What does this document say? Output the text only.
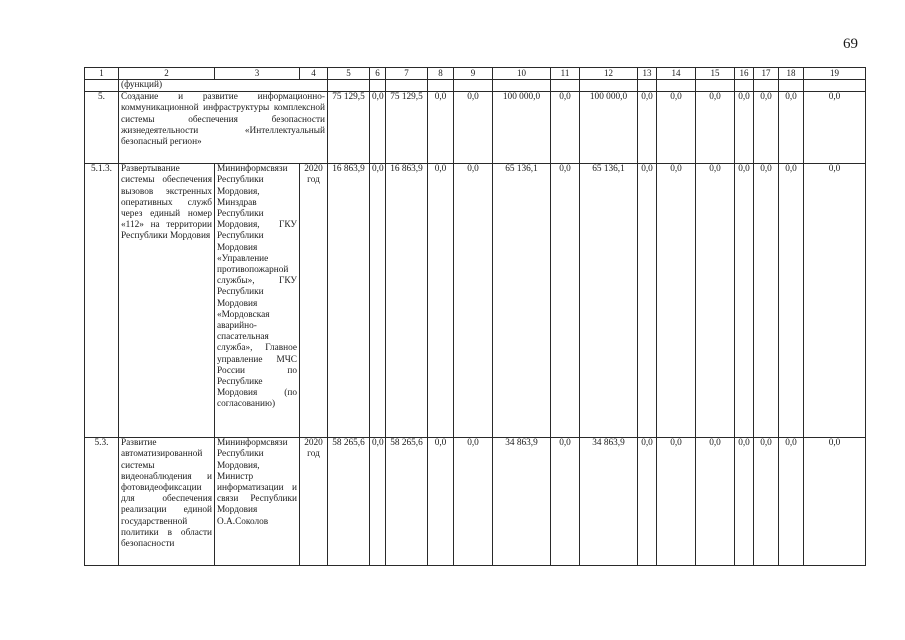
69
1	2	3	4	5	6	7	8	9	10	11	12	13	14	15	16	17	18	19
	(функций)																	
5.	Создание и развитие информационно-коммуникационной инфраструктуры комплексной системы обеспечения безопасности жизнедеятельности «Интеллектуальный безопасный регион»			75 129,5	0,0	75 129,5	0,0	0,0	100 000,0	0,0	100 000,0	0,0	0,0	0,0	0,0	0,0	0,0	0,0
5.1.3.	Развертывание системы обеспечения вызовов экстренных оперативных служб через единый номер «112» на территории Республики Мордовия	Мининформсвязи Республики Мордовия, Минздрав Республики Мордовия, ГКУ Республики Мордовия «Управление противопожарной службы», ГКУ Республики Мордовия «Мордовская аварийно-спасательная служба», Главное управление МЧС России по Республике Мордовия (по согласованию)	2020 год	16 863,9	0,0	16 863,9	0,0	0,0	65 136,1	0,0	65 136,1	0,0	0,0	0,0	0,0	0,0	0,0	0,0
5.3.	Развитие автоматизированной системы видеонаблюдения и фотовидеофиксации для обеспечения реализации единой государственной политики в области безопасности	Мининформсвязи Республики Мордовия, Министр информатизации и связи Республики Мордовия О.А.Соколов	2020 год	58 265,6	0,0	58 265,6	0,0	0,0	34 863,9	0,0	34 863,9	0,0	0,0	0,0	0,0	0,0	0,0	0,0
